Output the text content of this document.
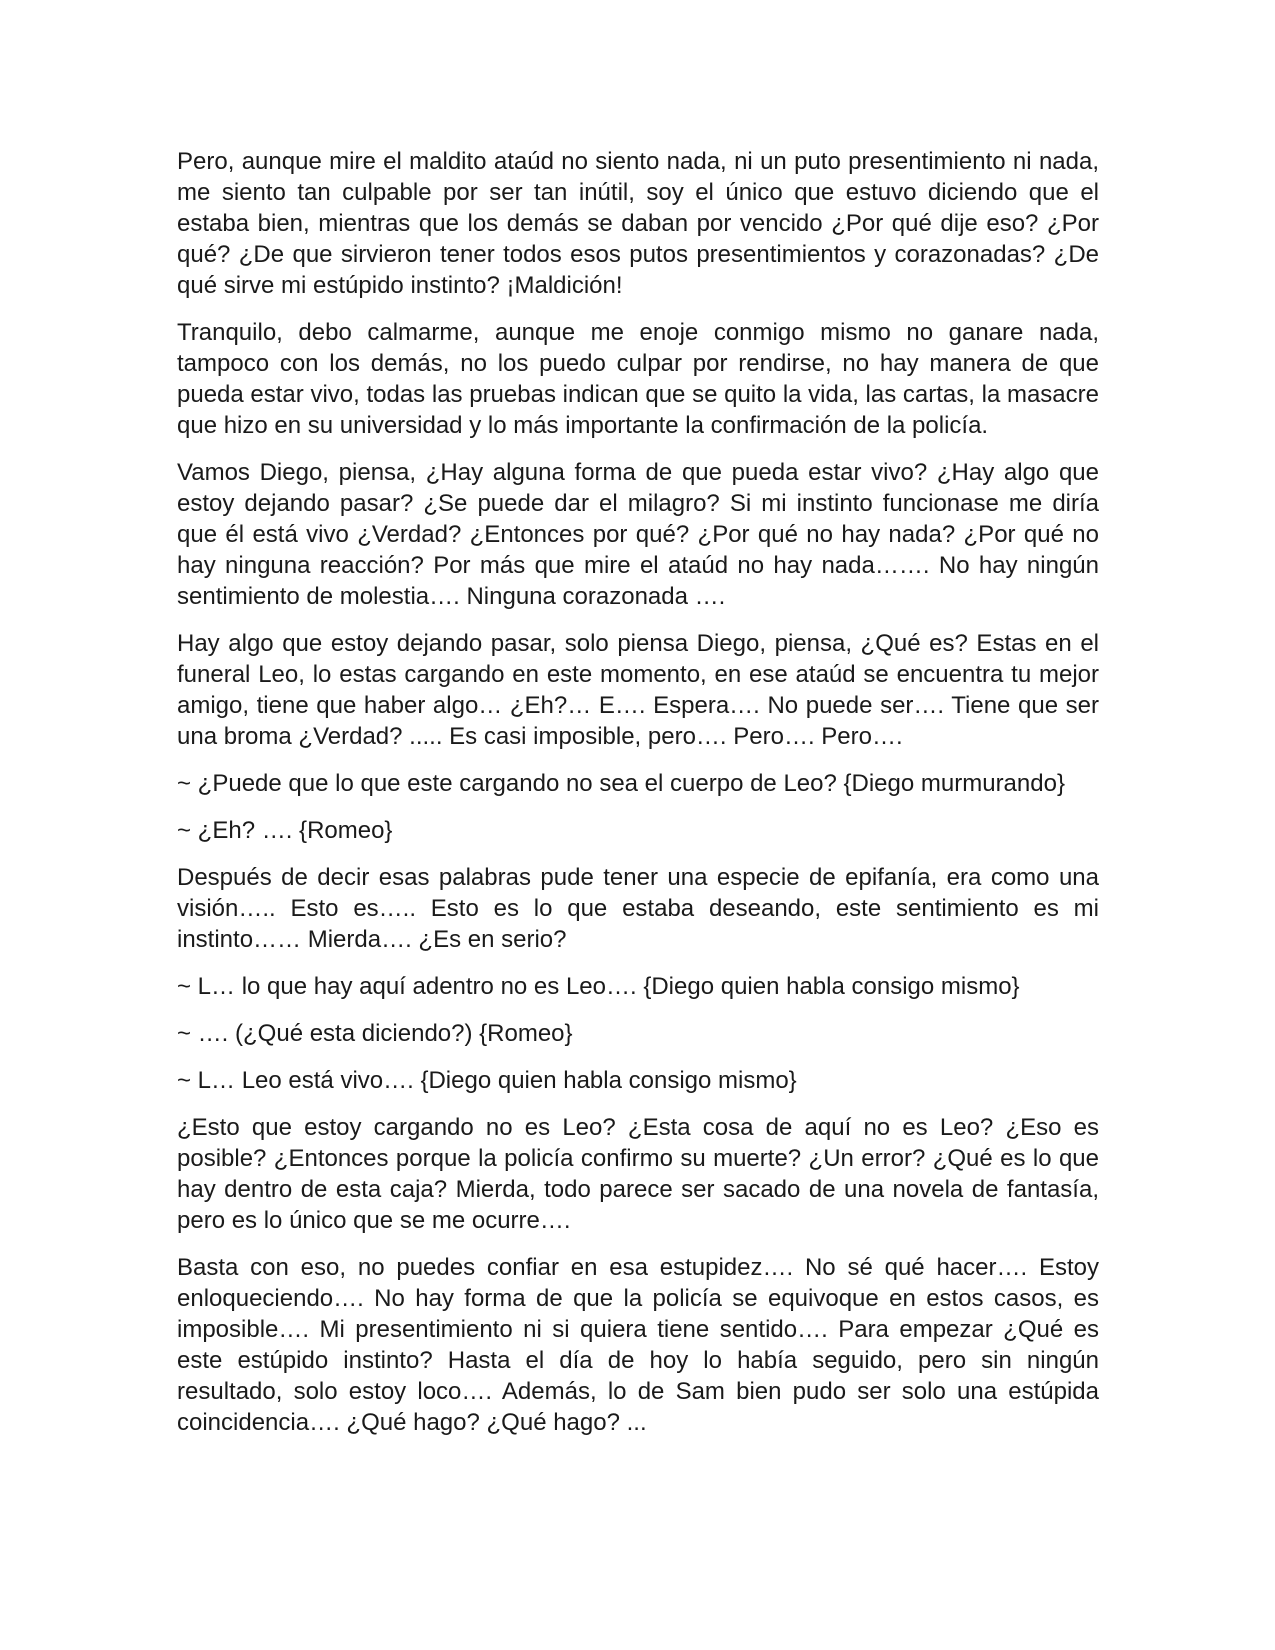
Pero, aunque mire el maldito ataúd no siento nada, ni un puto presentimiento ni nada, me siento tan culpable por ser tan inútil, soy el único que estuvo diciendo que el estaba bien, mientras que los demás se daban por vencido ¿Por qué dije eso? ¿Por qué? ¿De que sirvieron tener todos esos putos presentimientos y corazonadas? ¿De qué sirve mi estúpido instinto? ¡Maldición!

Tranquilo, debo calmarme, aunque me enoje conmigo mismo no ganare nada, tampoco con los demás, no los puedo culpar por rendirse, no hay manera de que pueda estar vivo, todas las pruebas indican que se quito la vida, las cartas, la masacre que hizo en su universidad y lo más importante la confirmación de la policía.

Vamos Diego, piensa, ¿Hay alguna forma de que pueda estar vivo? ¿Hay algo que estoy dejando pasar? ¿Se puede dar el milagro? Si mi instinto funcionase me diría que él está vivo ¿Verdad? ¿Entonces por qué? ¿Por qué no hay nada? ¿Por qué no hay ninguna reacción? Por más que mire el ataúd no hay nada……. No hay ningún sentimiento de molestia…. Ninguna corazonada ….

Hay algo que estoy dejando pasar, solo piensa Diego, piensa, ¿Qué es? Estas en el funeral Leo, lo estas cargando en este momento, en ese ataúd se encuentra tu mejor amigo, tiene que haber algo… ¿Eh?… E…. Espera…. No puede ser…. Tiene que ser una broma ¿Verdad? ..... Es casi imposible, pero…. Pero…. Pero….

~ ¿Puede que lo que este cargando no sea el cuerpo de Leo? {Diego murmurando}

~ ¿Eh? …. {Romeo}

Después de decir esas palabras pude tener una especie de epifanía, era como una visión….. Esto es….. Esto es lo que estaba deseando, este sentimiento es mi instinto…… Mierda…. ¿Es en serio?

~ L… lo que hay aquí adentro no es Leo…. {Diego quien habla consigo mismo}

~ …. (¿Qué esta diciendo?) {Romeo}

~ L… Leo está vivo…. {Diego quien habla consigo mismo}

¿Esto que estoy cargando no es Leo? ¿Esta cosa de aquí no es Leo? ¿Eso es posible? ¿Entonces porque la policía confirmo su muerte? ¿Un error? ¿Qué es lo que hay dentro de esta caja? Mierda, todo parece ser sacado de una novela de fantasía, pero es lo único que se me ocurre….

Basta con eso, no puedes confiar en esa estupidez…. No sé qué hacer…. Estoy enloqueciendo…. No hay forma de que la policía se equivoque en estos casos, es imposible…. Mi presentimiento ni si quiera tiene sentido…. Para empezar ¿Qué es este estúpido instinto? Hasta el día de hoy lo había seguido, pero sin ningún resultado, solo estoy loco…. Además, lo de Sam bien pudo ser solo una estúpida coincidencia…. ¿Qué hago? ¿Qué hago? ...
